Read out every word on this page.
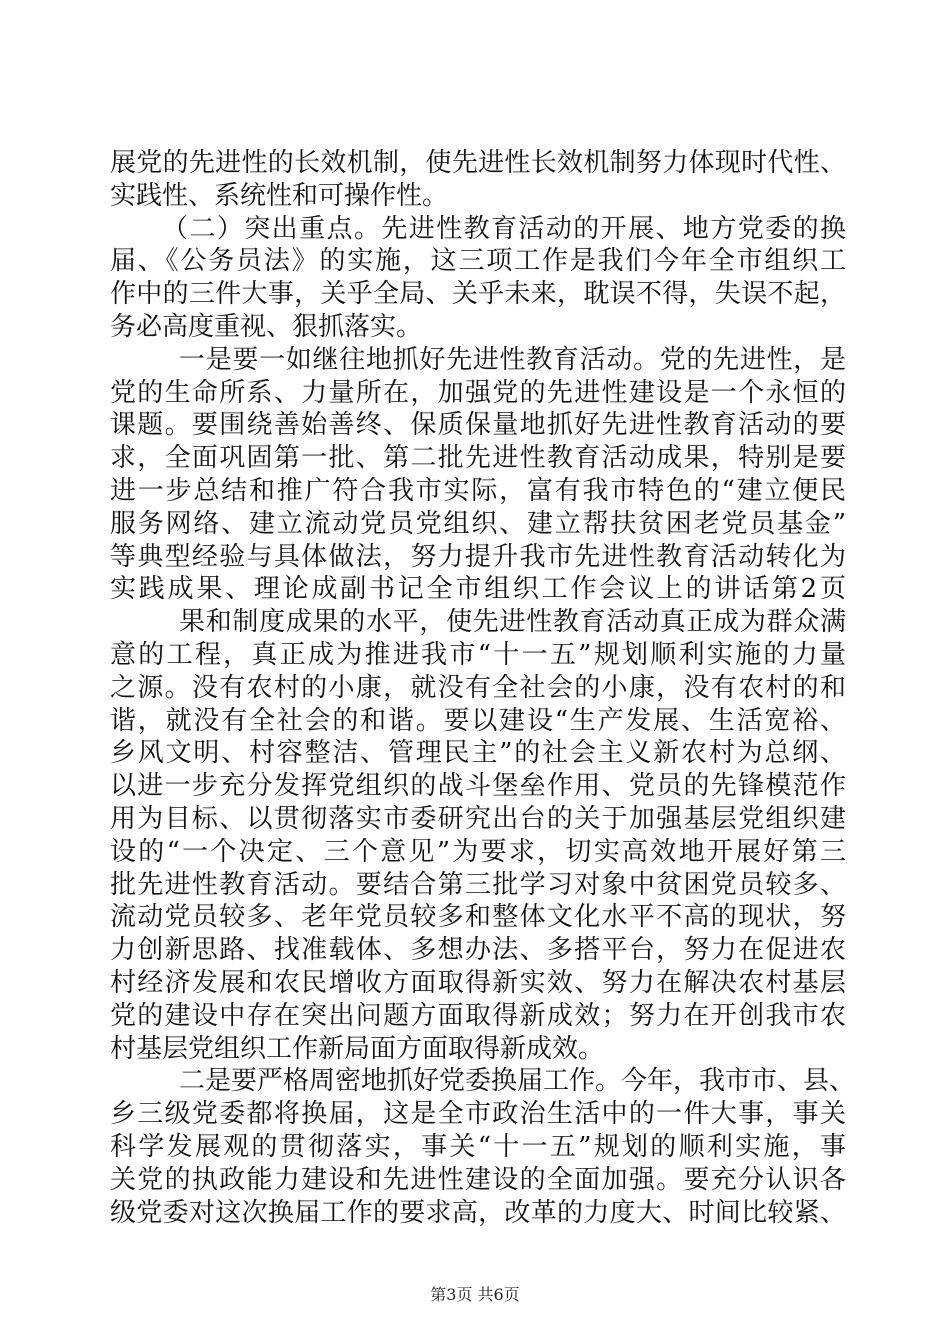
展党的先进性的长效机制，使先进性长效机制努力体现时代性、
实践性、系统性和可操作性。
（二）突出重点。先进性教育活动的开展、地方党委的换
届、《公务员法》的实施，这三项工作是我们今年全市组织工
作中的三件大事，关乎全局、关乎未来，耽误不得，失误不起，
务必高度重视、狠抓落实。
一是要一如继往地抓好先进性教育活动。党的先进性，是
党的生命所系、力量所在，加强党的先进性建设是一个永恒的
课题。要围绕善始善终、保质保量地抓好先进性教育活动的要
求，全面巩固第一批、第二批先进性教育活动成果，特别是要
进一步总结和推广符合我市实际，富有我市特色的“建立便民
服务网络、建立流动党员党组织、建立帮扶贫困老党员基金”
等典型经验与具体做法，努力提升我市先进性教育活动转化为
实践成果、理论成副书记全市组织工作会议上的讲话第2页
果和制度成果的水平，使先进性教育活动真正成为群众满
意的工程，真正成为推进我市“十一五”规划顺利实施的力量
之源。没有农村的小康，就没有全社会的小康，没有农村的和
谐，就没有全社会的和谐。要以建设“生产发展、生活宽裕、
乡风文明、村容整洁、管理民主”的社会主义新农村为总纲、
以进一步充分发挥党组织的战斗堡垒作用、党员的先锋模范作
用为目标、以贯彻落实市委研究出台的关于加强基层党组织建
设的“一个决定、三个意见”为要求，切实高效地开展好第三
批先进性教育活动。要结合第三批学习对象中贫困党员较多、
流动党员较多、老年党员较多和整体文化水平不高的现状，努
力创新思路、找准载体、多想办法、多搭平台，努力在促进农
村经济发展和农民增收方面取得新实效、努力在解决农村基层
党的建设中存在突出问题方面取得新成效；努力在开创我市农
村基层党组织工作新局面方面取得新成效。
二是要严格周密地抓好党委换届工作。今年，我市市、县、
乡三级党委都将换届，这是全市政治生活中的一件大事，事关
科学发展观的贯彻落实，事关“十一五”规划的顺利实施，事
关党的执政能力建设和先进性建设的全面加强。要充分认识各
级党委对这次换届工作的要求高，改革的力度大、时间比较紧、
第3页 共6页
